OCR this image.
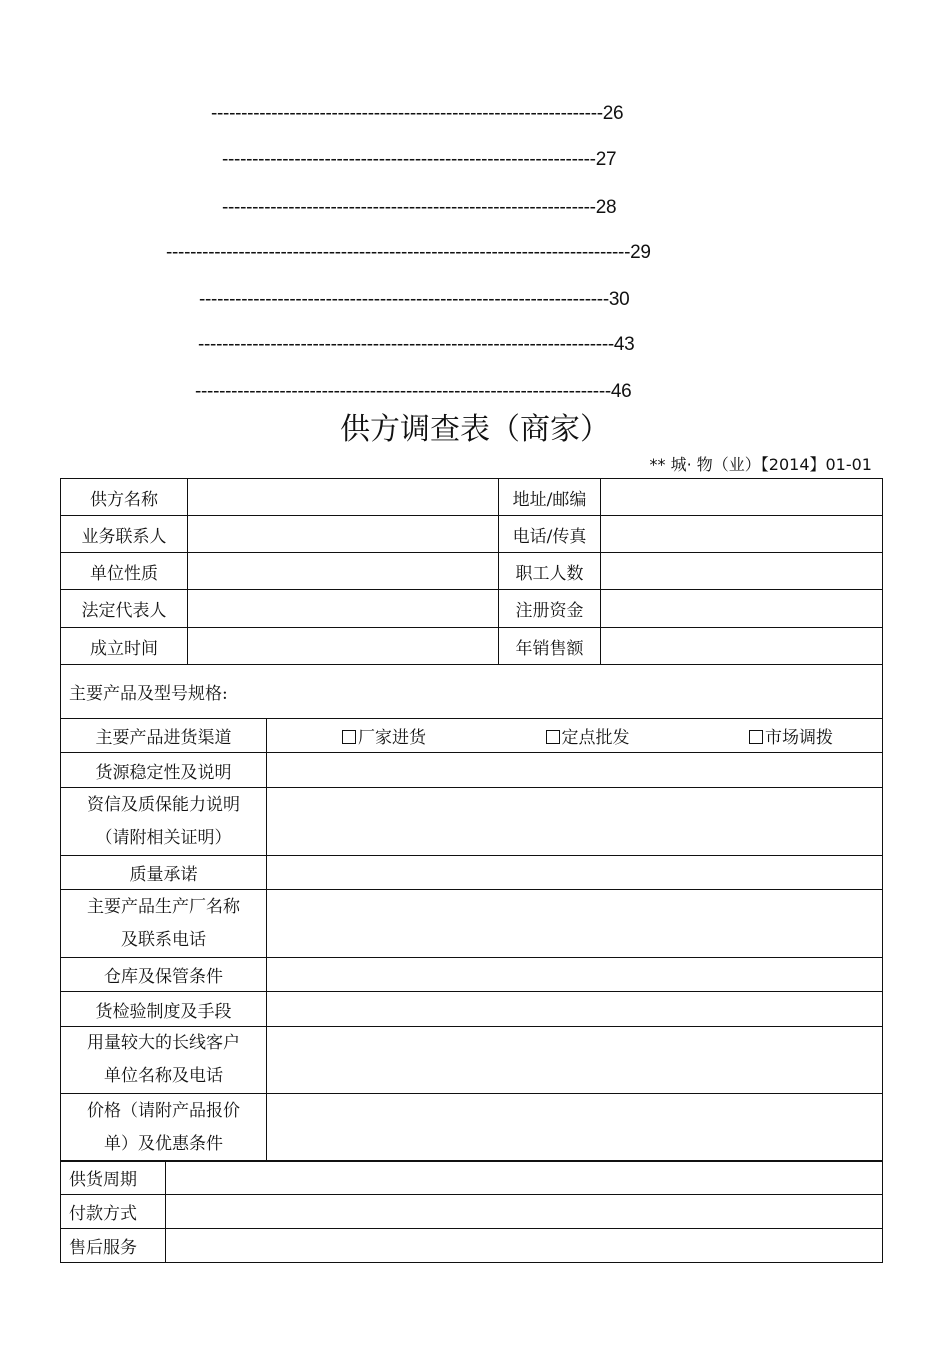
-----------------------------------------------------------------26
--------------------------------------------------------------27
--------------------------------------------------------------28
-----------------------------------------------------------------------------29
--------------------------------------------------------------------30
---------------------------------------------------------------------43
---------------------------------------------------------------------46
供方调查表（商家）
** 城· 物（业）【2014】01-01
供方名称		地址/邮编	
业务联系人		电话/传真	
单位性质		职工人数	
法定代表人		注册资金	
成立时间		年销售额	
主要产品及型号规格:	
主要产品进货渠道	厂家进货 定点批发 市场调拨

货源稳定性及说明	

资信及质保能力说明
（请附相关证明）	

质量承诺	

主要产品生产厂名称
及联系电话	

仓库及保管条件	
货检验制度及手段	

用量较大的长线客户
单位名称及电话	

价格（请附产品报价
单）及优惠条件	

供货周期	
付款方式	
售后服务	
